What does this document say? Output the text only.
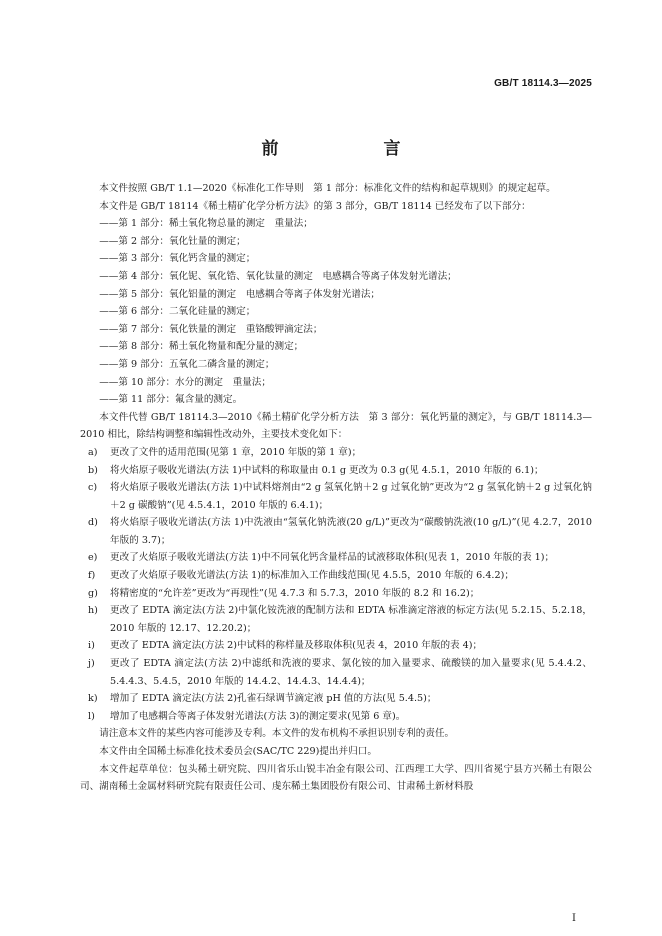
GB/T 18114.3—2025
前　言

本文件按照 GB/T 1.1—2020《标准化工作导则　第 1 部分：标准化文件的结构和起草规则》的规定起草。

本文件是 GB/T 18114《稀土精矿化学分析方法》的第 3 部分，GB/T 18114 已经发布了以下部分：

——第 1 部分：稀土氧化物总量的测定　重量法；

——第 2 部分：氧化钍量的测定；

——第 3 部分：氧化钙含量的测定；

——第 4 部分：氧化铌、氧化锆、氧化钛量的测定　电感耦合等离子体发射光谱法；

——第 5 部分：氧化铝量的测定　电感耦合等离子体发射光谱法；

——第 6 部分：二氧化硅量的测定；

——第 7 部分：氧化铁量的测定　重铬酸钾滴定法；

——第 8 部分：稀土氧化物量和配分量的测定；

——第 9 部分：五氧化二磷含量的测定；

——第 10 部分：水分的测定　重量法；

——第 11 部分：氟含量的测定。

本文件代替 GB/T 18114.3—2010《稀土精矿化学分析方法　第 3 部分：氧化钙量的测定》，与 GB/T 18114.3—2010 相比，除结构调整和编辑性改动外，主要技术变化如下：

a)	更改了文件的适用范围(见第 1 章，2010 年版的第 1 章)；
b)	将火焰原子吸收光谱法(方法 1)中试料的称取量由 0.1 g 更改为 0.3 g(见 4.5.1，2010 年版的 6.1)；
c)	将火焰原子吸收光谱法(方法 1)中试料熔剂由“2 g 氢氧化钠＋2 g 过氧化钠”更改为“2 g 氢氧化钠＋2 g 过氧化钠＋2 g 碳酸钠”(见 4.5.4.1，2010 年版的 6.4.1)；
d)	将火焰原子吸收光谱法(方法 1)中洗液由“氢氧化钠洗液(20 g/L)”更改为“碳酸钠洗液(10 g/L)”(见 4.2.7，2010 年版的 3.7)；
e)	更改了火焰原子吸收光谱法(方法 1)中不同氧化钙含量样品的试液移取体积(见表 1，2010 年版的表 1)；
f)	更改了火焰原子吸收光谱法(方法 1)的标准加入工作曲线范围(见 4.5.5，2010 年版的 6.4.2)；
g)	将精密度的“允许差”更改为“再现性”(见 4.7.3 和 5.7.3，2010 年版的 8.2 和 16.2)；
h)	更改了 EDTA 滴定法(方法 2)中氯化铵洗液的配制方法和 EDTA 标准滴定溶液的标定方法(见 5.2.15、5.2.18，2010 年版的 12.17、12.20.2)；
i)	更改了 EDTA 滴定法(方法 2)中试料的称样量及移取体积(见表 4，2010 年版的表 4)；
j)	更改了 EDTA 滴定法(方法 2)中滤纸和洗液的要求、氯化铵的加入量要求、硫酸镁的加入量要求(见 5.4.4.2、5.4.4.3、5.4.5，2010 年版的 14.4.2、14.4.3、14.4.4)；
k)	增加了 EDTA 滴定法(方法 2)孔雀石绿调节滴定液 pH 值的方法(见 5.4.5)；
l)	增加了电感耦合等离子体发射光谱法(方法 3)的测定要求(见第 6 章)。

请注意本文件的某些内容可能涉及专利。本文件的发布机构不承担识别专利的责任。

本文件由全国稀土标准化技术委员会(SAC/TC 229)提出并归口。

本文件起草单位：包头稀土研究院、四川省乐山锐丰冶金有限公司、江西理工大学、四川省冕宁县方兴稀土有限公司、湖南稀土金属材料研究院有限责任公司、虔东稀土集团股份有限公司、甘肃稀土新材料股

I
